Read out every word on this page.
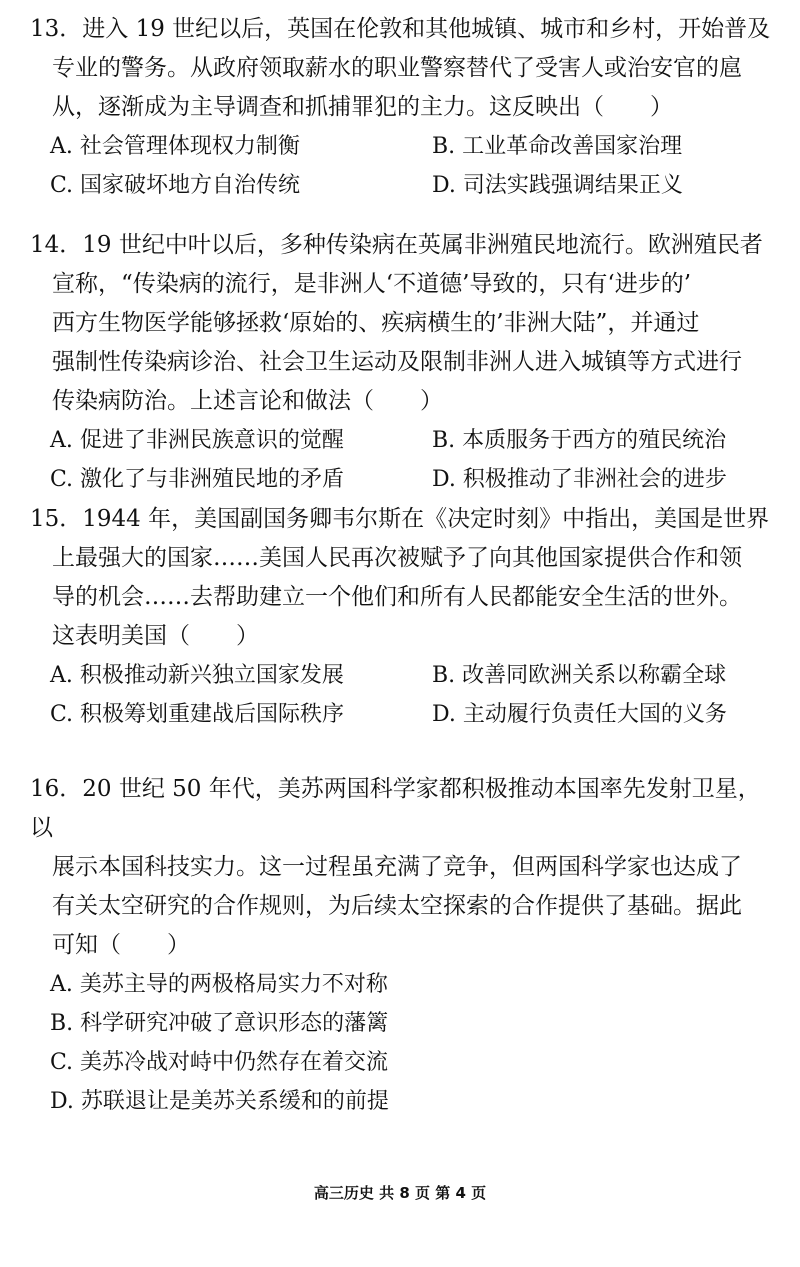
13．进入 19 世纪以后，英国在伦敦和其他城镇、城市和乡村，开始普及

专业的警务。从政府领取薪水的职业警察替代了受害人或治安官的扈

从，逐渐成为主导调查和抓捕罪犯的主力。这反映出（　　）

A. 社会管理体现权力制衡	B. 工业革命改善国家治理
C. 国家破坏地方自治传统	D. 司法实践强调结果正义

14．19 世纪中叶以后，多种传染病在英属非洲殖民地流行。欧洲殖民者

宣称，“传染病的流行，是非洲人‘不道德’导致的，只有‘进步的’

西方生物医学能够拯救‘原始的、疾病横生的’非洲大陆”，并通过

强制性传染病诊治、社会卫生运动及限制非洲人进入城镇等方式进行

传染病防治。上述言论和做法（　　）

A. 促进了非洲民族意识的觉醒	B. 本质服务于西方的殖民统治
C. 激化了与非洲殖民地的矛盾	D. 积极推动了非洲社会的进步

15．1944 年，美国副国务卿韦尔斯在《决定时刻》中指出，美国是世界

上最强大的国家……美国人民再次被赋予了向其他国家提供合作和领

导的机会……去帮助建立一个他们和所有人民都能安全生活的世外。

这表明美国（　　）

A. 积极推动新兴独立国家发展	B. 改善同欧洲关系以称霸全球
C. 积极筹划重建战后国际秩序	D. 主动履行负责任大国的义务

16．20 世纪 50 年代，美苏两国科学家都积极推动本国率先发射卫星，以

展示本国科技实力。这一过程虽充满了竞争，但两国科学家也达成了

有关太空研究的合作规则，为后续太空探索的合作提供了基础。据此

可知（　　）

A. 美苏主导的两极格局实力不对称
B. 科学研究冲破了意识形态的藩篱
C. 美苏冷战对峙中仍然存在着交流
D. 苏联退让是美苏关系缓和的前提
高三历史 共 8 页 第 4 页
